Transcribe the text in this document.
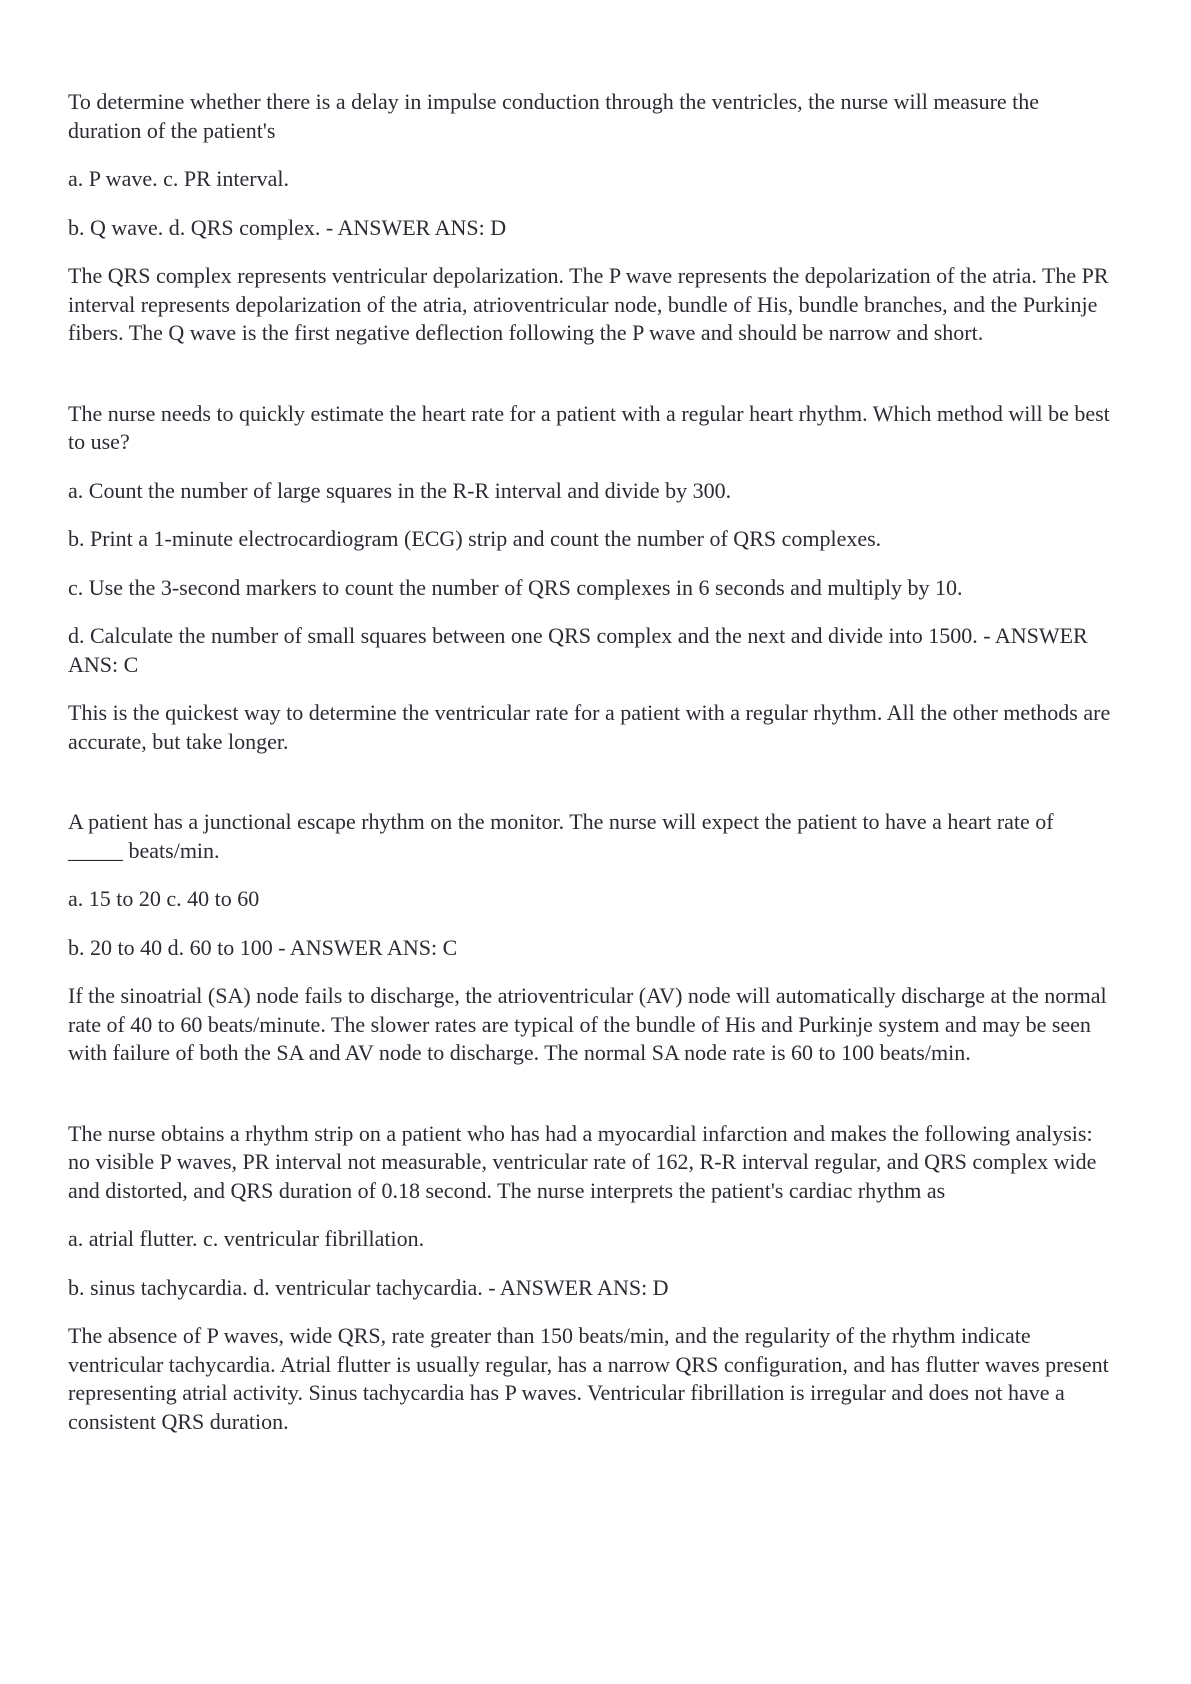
To determine whether there is a delay in impulse conduction through the ventricles, the nurse will measure the duration of the patient's

a. P wave. c. PR interval.

b. Q wave. d. QRS complex. - ANSWER ANS: D

The QRS complex represents ventricular depolarization. The P wave represents the depolarization of the atria. The PR interval represents depolarization of the atria, atrioventricular node, bundle of His, bundle branches, and the Purkinje fibers. The Q wave is the first negative deflection following the P wave and should be narrow and short.

The nurse needs to quickly estimate the heart rate for a patient with a regular heart rhythm. Which method will be best to use?

a. Count the number of large squares in the R-R interval and divide by 300.

b. Print a 1-minute electrocardiogram (ECG) strip and count the number of QRS complexes.

c. Use the 3-second markers to count the number of QRS complexes in 6 seconds and multiply by 10.

d. Calculate the number of small squares between one QRS complex and the next and divide into 1500. - ANSWER ANS: C

This is the quickest way to determine the ventricular rate for a patient with a regular rhythm. All the other methods are accurate, but take longer.

A patient has a junctional escape rhythm on the monitor. The nurse will expect the patient to have a heart rate of _____ beats/min.

a. 15 to 20 c. 40 to 60

b. 20 to 40 d. 60 to 100 - ANSWER ANS: C

If the sinoatrial (SA) node fails to discharge, the atrioventricular (AV) node will automatically discharge at the normal rate of 40 to 60 beats/minute. The slower rates are typical of the bundle of His and Purkinje system and may be seen with failure of both the SA and AV node to discharge. The normal SA node rate is 60 to 100 beats/min.

The nurse obtains a rhythm strip on a patient who has had a myocardial infarction and makes the following analysis: no visible P waves, PR interval not measurable, ventricular rate of 162, R-R interval regular, and QRS complex wide and distorted, and QRS duration of 0.18 second. The nurse interprets the patient's cardiac rhythm as

a. atrial flutter. c. ventricular fibrillation.

b. sinus tachycardia. d. ventricular tachycardia. - ANSWER ANS: D

The absence of P waves, wide QRS, rate greater than 150 beats/min, and the regularity of the rhythm indicate ventricular tachycardia. Atrial flutter is usually regular, has a narrow QRS configuration, and has flutter waves present representing atrial activity. Sinus tachycardia has P waves. Ventricular fibrillation is irregular and does not have a consistent QRS duration.
